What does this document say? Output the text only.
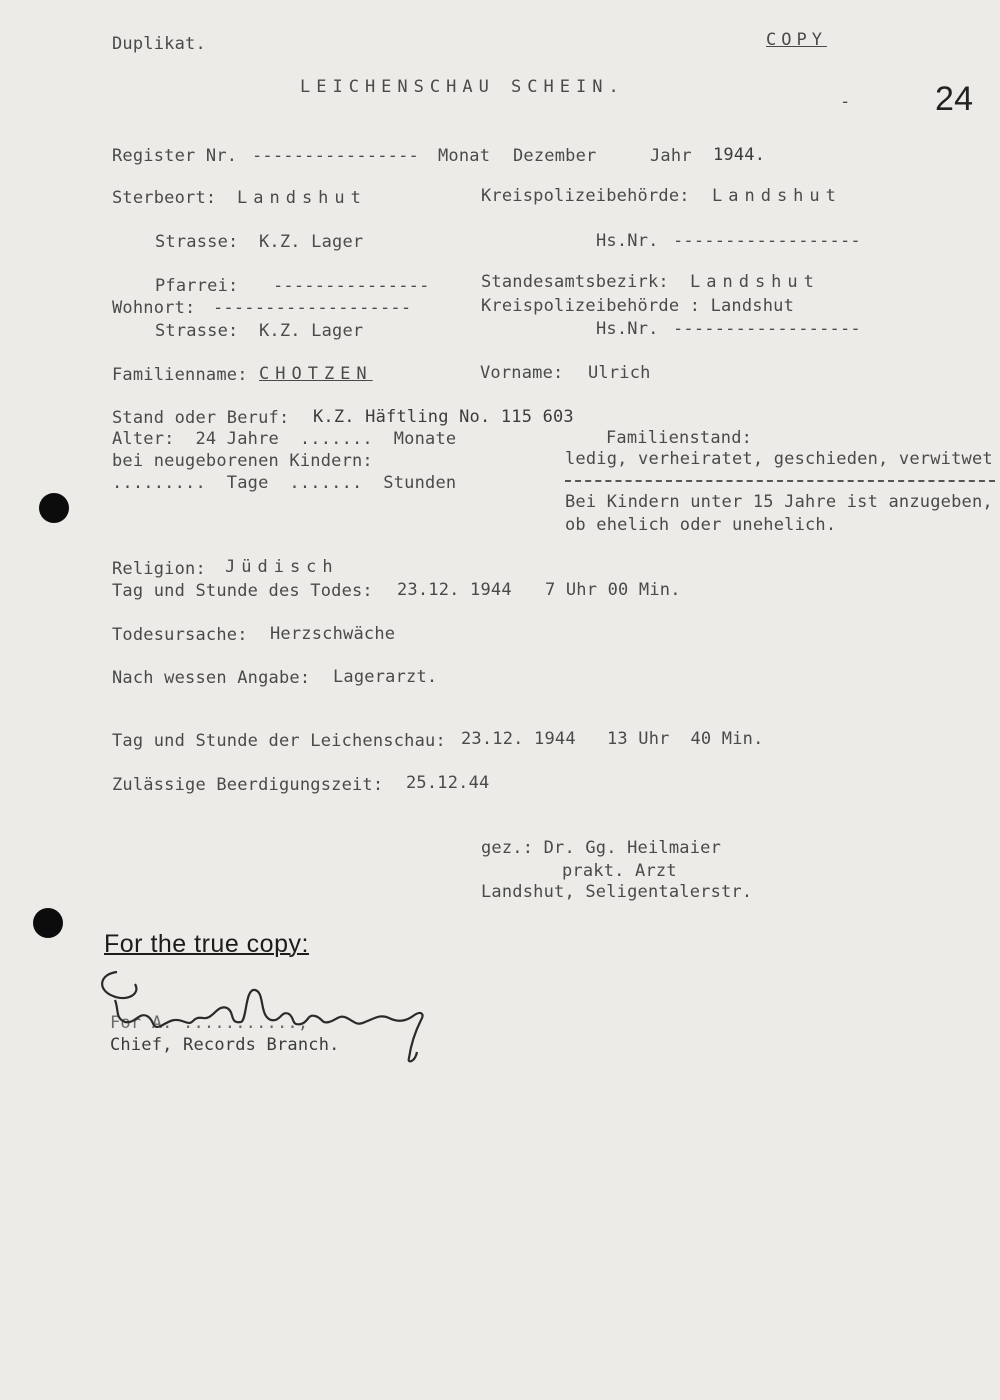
Duplikat.	COPY
LEICHENSCHAU SCHEIN.
- 24
Register Nr. ---------------- Monat Dezember	Jahr 1944.
Sterbeort: Landshut	Kreispolizeibehörde: Landshut
Strasse: K.Z. Lager	Hs.Nr. ------------------
Pfarrei: ---------------	Standesamtsbezirk: Landshut
Wohnort: -------------------	Kreispolizeibehörde : Landshut
Strasse: K.Z. Lager	Hs.Nr. ------------------
Familienname: CHOTZEN	Vorname: Ulrich
Stand oder Beruf: K.Z. Häftling No. 115 603
Alter:  24 Jahre  .......  Monate
bei neugeborenen Kindern:
.........  Tage  .......  Stunden
Familienstand:
ledig, verheiratet, geschieden, verwitwet
Bei Kindern unter 15 Jahre ist anzugeben,
ob ehelich oder unehelich.
Religion: Jüdisch
Tag und Stunde des Todes: 23.12. 1944 7 Uhr 00 Min.
Todesursache: Herzschwäche
Nach wessen Angabe: Lagerarzt.
Tag und Stunde der Leichenschau: 23.12. 1944 13 Uhr  40 Min.
Zulässige Beerdigungszeit: 25.12.44
gez.: Dr. Gg. Heilmaier
prakt. Arzt
Landshut, Seligentalerstr.
For the true copy:
For A. ...........,
Chief, Records Branch.
